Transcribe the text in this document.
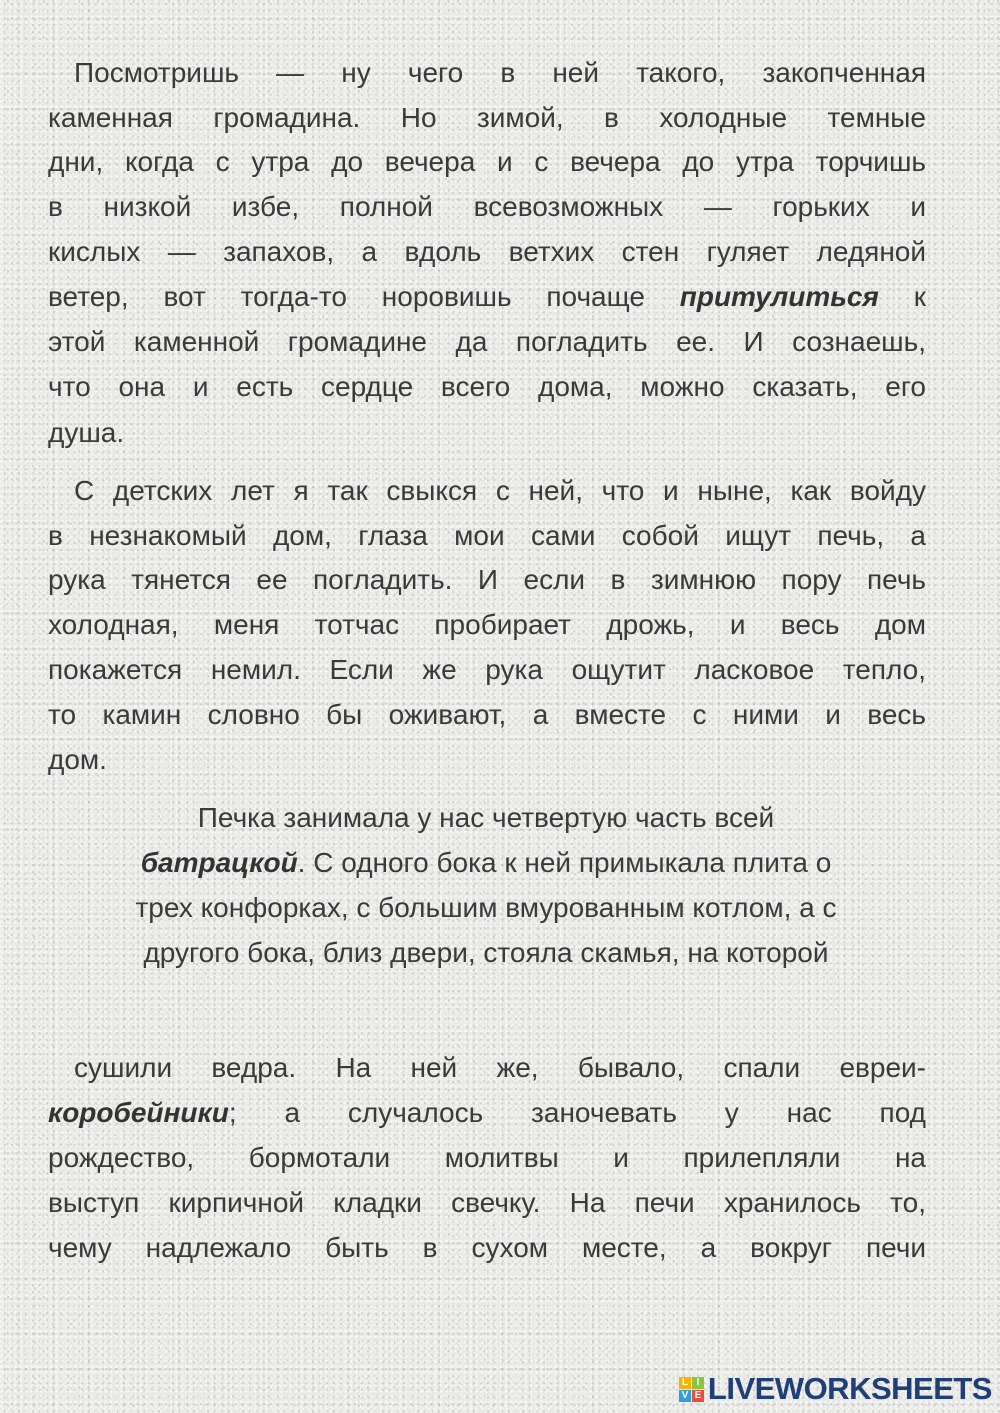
Посмотришь — ну чего в ней такого, закопченная
каменная громадина. Но зимой, в холодные темные
дни, когда с утра до вечера и с вечера до утра торчишь
в низкой избе, полной всевозможных — горьких и
кислых — запахов, а вдоль ветхих стен гуляет ледяной
ветер, вот тогда-то норовишь почаще притулиться к
этой каменной громадине да погладить ее. И сознаешь,
что она и есть сердце всего дома, можно сказать, его
душа.
С детских лет я так свыкся с ней, что и ныне, как войду
в незнакомый дом, глаза мои сами собой ищут печь, а
рука тянется ее погладить. И если в зимнюю пору печь
холодная, меня тотчас пробирает дрожь, и весь дом
покажется немил. Если же рука ощутит ласковое тепло,
то камин словно бы оживают, а вместе с ними и весь
дом.
Печка занимала у нас четвертую часть всей
батрацкой. С одного бока к ней примыкала плита о
трех конфорках, с большим вмурованным котлом, а с
другого бока, близ двери, стояла скамья, на которой
сушили ведра. На ней же, бывало, спали евреи-
коробейники; а случалось заночевать у нас под
рождество, бормотали молитвы и прилепляли на
выступ кирпичной кладки свечку. На печи хранилось то,
чему надлежало быть в сухом месте, а вокруг печи
L I
V E LIVEWORKSHEETS
